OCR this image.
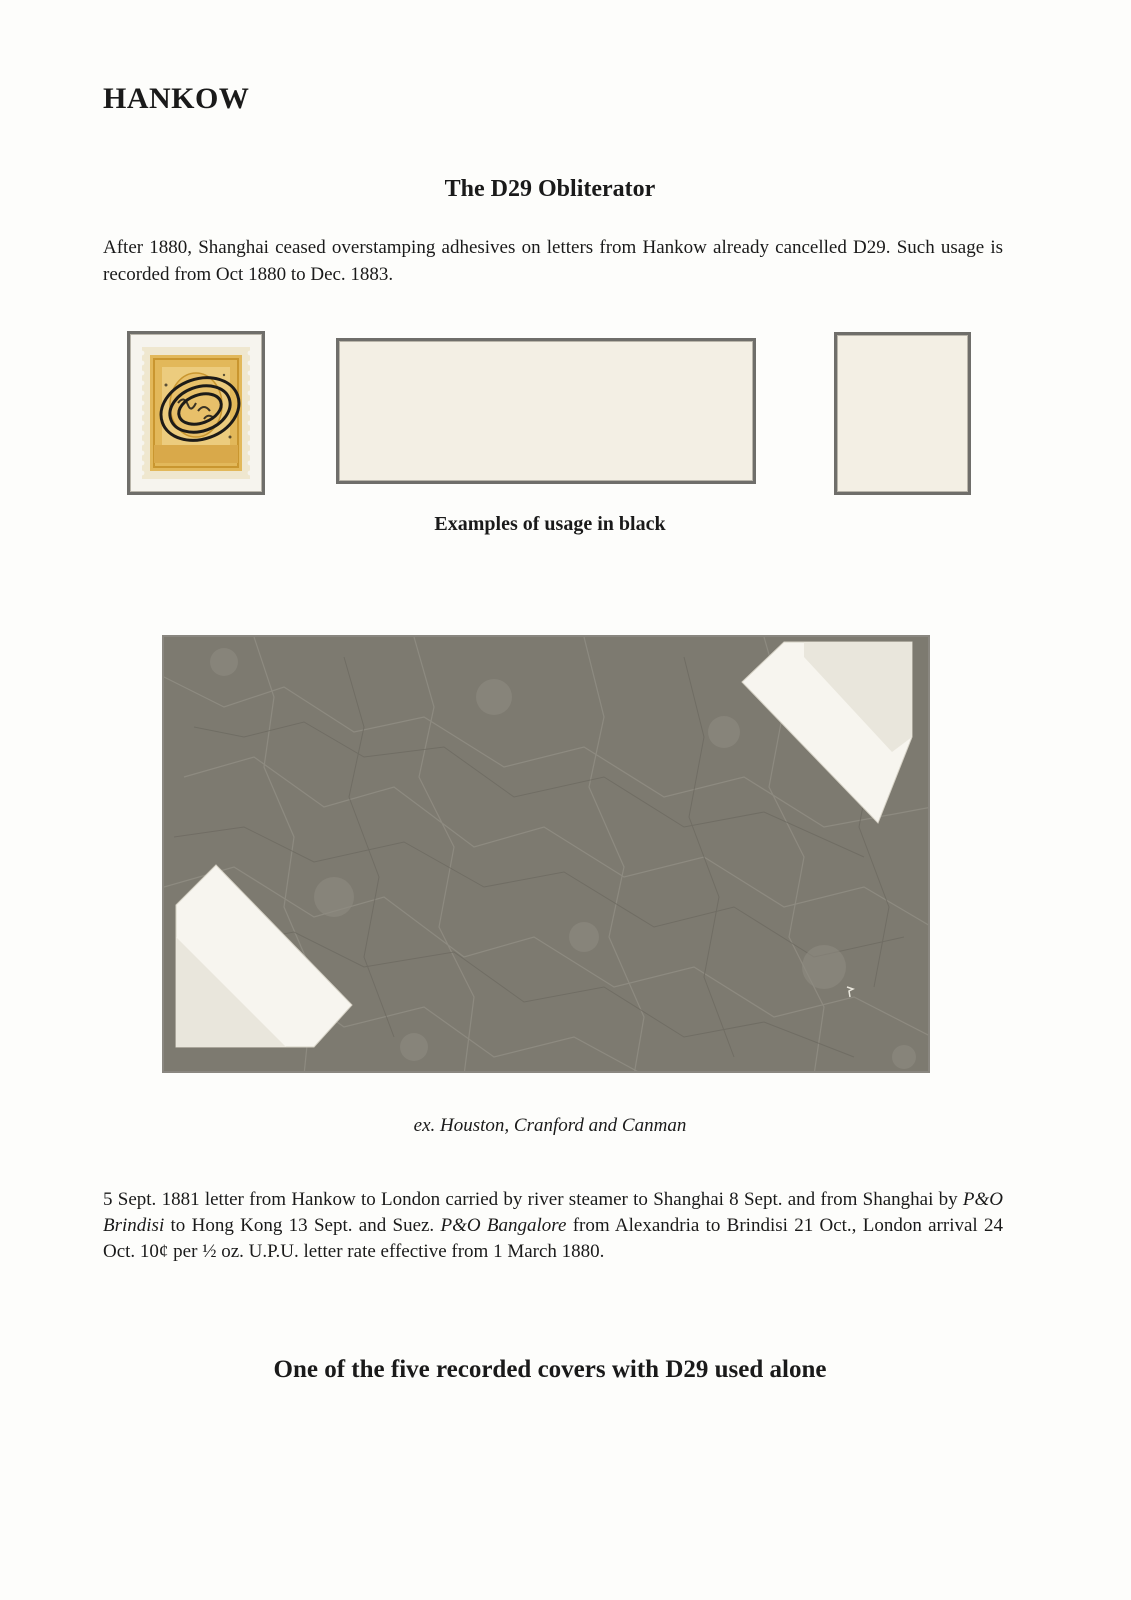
HANKOW
The D29 Obliterator
After 1880, Shanghai ceased overstamping adhesives on letters from Hankow already cancelled D29. Such usage is recorded from Oct 1880 to Dec. 1883.
Examples of usage in black
ex. Houston, Cranford and Canman
5 Sept. 1881 letter from Hankow to London carried by river steamer to Shanghai 8 Sept. and from Shanghai by P&O Brindisi to Hong Kong 13 Sept. and Suez. P&O Bangalore from Alexandria to Brindisi 21 Oct., London arrival 24 Oct. 10¢ per ½ oz. U.P.U. letter rate effective from 1 March 1880.
One of the five recorded covers with D29 used alone
